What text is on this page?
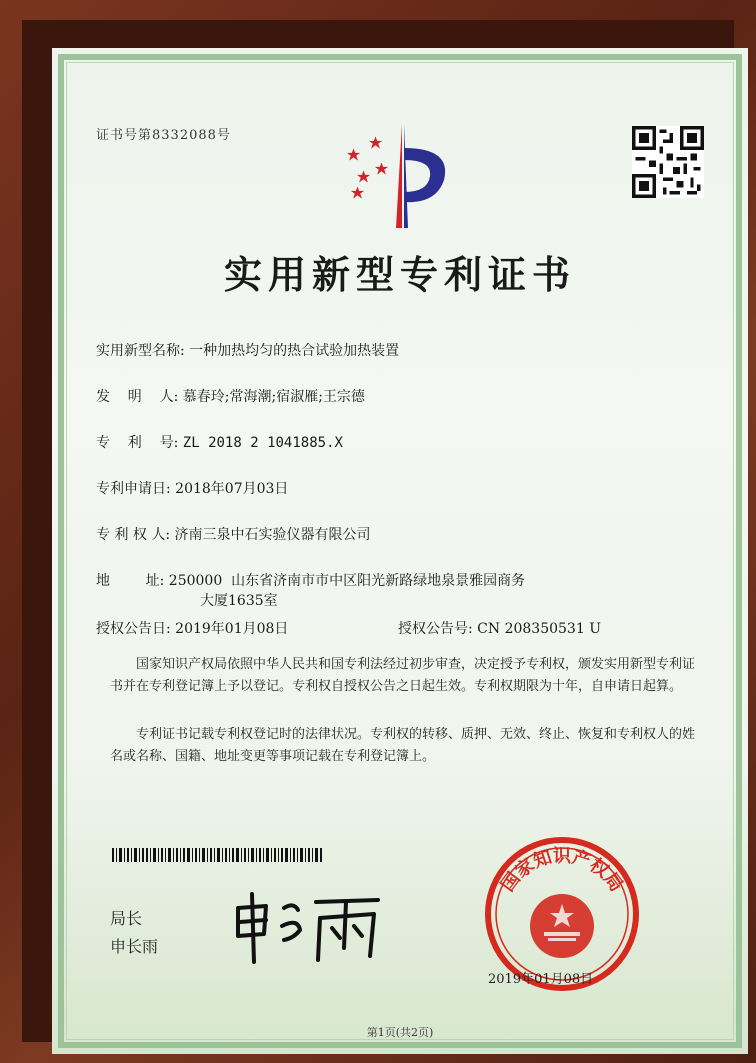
证书号第8332088号
实用新型专利证书
实用新型名称: 一种加热均匀的热合试验加热装置
发    明    人: 慕春玲;常海潮;宿淑雁;王宗德
专    利    号: ZL 2018 2 1041885.X
专利申请日: 2018年07月03日
专 利 权 人: 济南三泉中石实验仪器有限公司
地        址: 250000  山东省济南市市中区阳光新路绿地泉景雅园商务
大厦1635室
授权公告日: 2019年01月08日	授权公告号: CN 208350531 U
国家知识产权局依照中华人民共和国专利法经过初步审查，决定授予专利权，颁发实用新型专利证书并在专利登记簿上予以登记。专利权自授权公告之日起生效。专利权期限为十年，自申请日起算。
专利证书记载专利权登记时的法律状况。专利权的转移、质押、无效、终止、恢复和专利权人的姓名或名称、国籍、地址变更等事项记载在专利登记簿上。
局长
申长雨
国家知识产权局
2019年01月08日
第1页(共2页)
